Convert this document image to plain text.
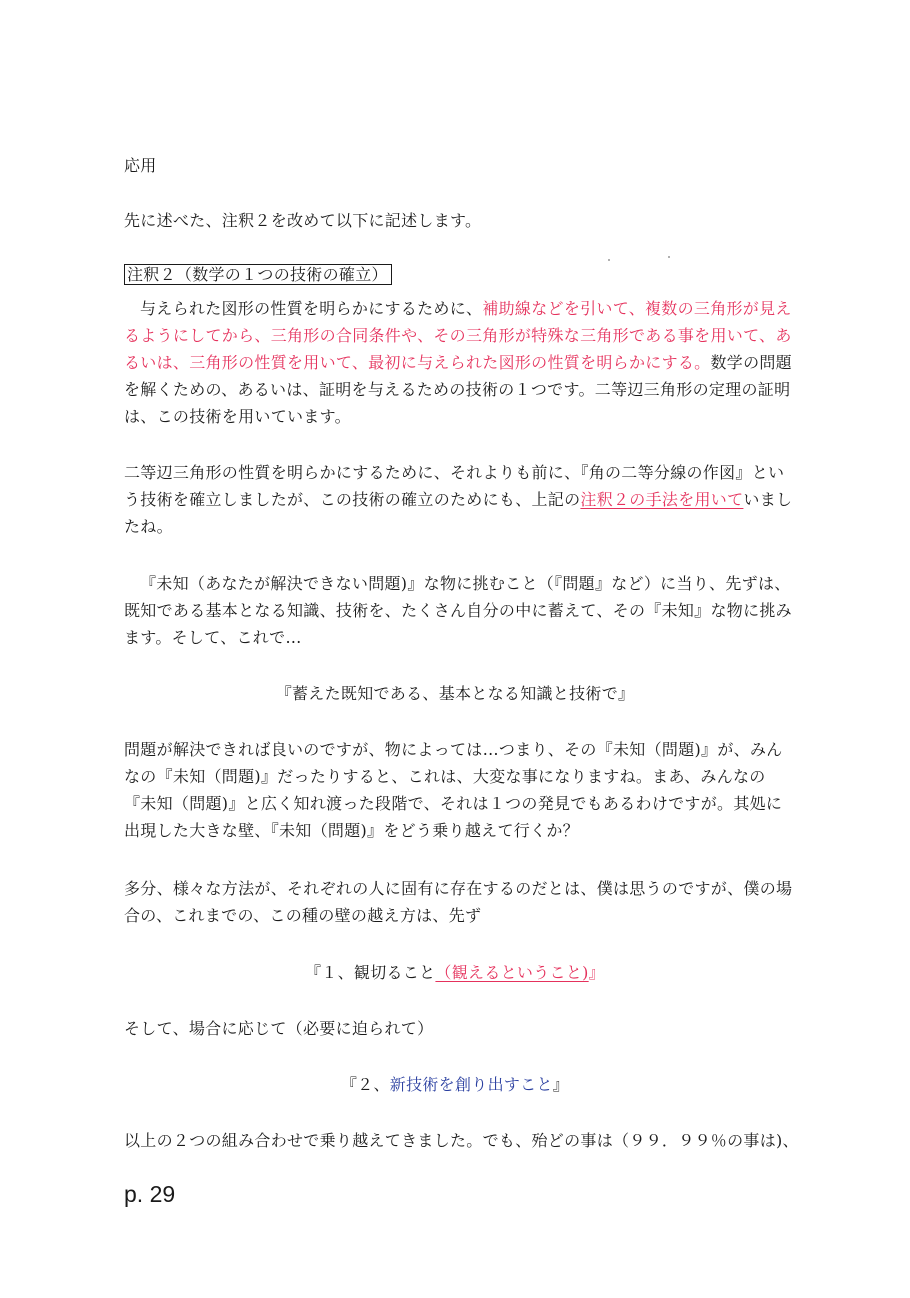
応用
先に述べた、注釈２を改めて以下に記述します。
注釈２（数学の１つの技術の確立）
与えられた図形の性質を明らかにするために、補助線などを引いて、複数の三角形が見え
るようにしてから、三角形の合同条件や、その三角形が特殊な三角形である事を用いて、あ
るいは、三角形の性質を用いて、最初に与えられた図形の性質を明らかにする。数学の問題
を解くための、あるいは、証明を与えるための技術の１つです。二等辺三角形の定理の証明
は、この技術を用いています。
二等辺三角形の性質を明らかにするために、それよりも前に、『角の二等分線の作図』とい
う技術を確立しましたが、この技術の確立のためにも、上記の注釈２の手法を用いていまし
たね。
『未知（あなたが解決できない問題)』な物に挑むこと（『問題』など）に当り、先ずは、
既知である基本となる知識、技術を、たくさん自分の中に蓄えて、その『未知』な物に挑み
ます。そして、これで…
『蓄えた既知である、基本となる知識と技術で』
問題が解決できれば良いのですが、物によっては…つまり、その『未知（問題)』が、みん
なの『未知（問題)』だったりすると、これは、大変な事になりますね。まあ、みんなの
『未知（問題)』と広く知れ渡った段階で、それは１つの発見でもあるわけですが。其処に
出現した大きな壁、『未知（問題)』をどう乗り越えて行くか？
多分、様々な方法が、それぞれの人に固有に存在するのだとは、僕は思うのですが、僕の場
合の、これまでの、この種の壁の越え方は、先ず
『１、観切ること（観えるということ)』
そして、場合に応じて（必要に迫られて）
『２、新技術を創り出すこと』
以上の２つの組み合わせで乗り越えてきました。でも、殆どの事は（９９．９９％の事は)、
p. 29
